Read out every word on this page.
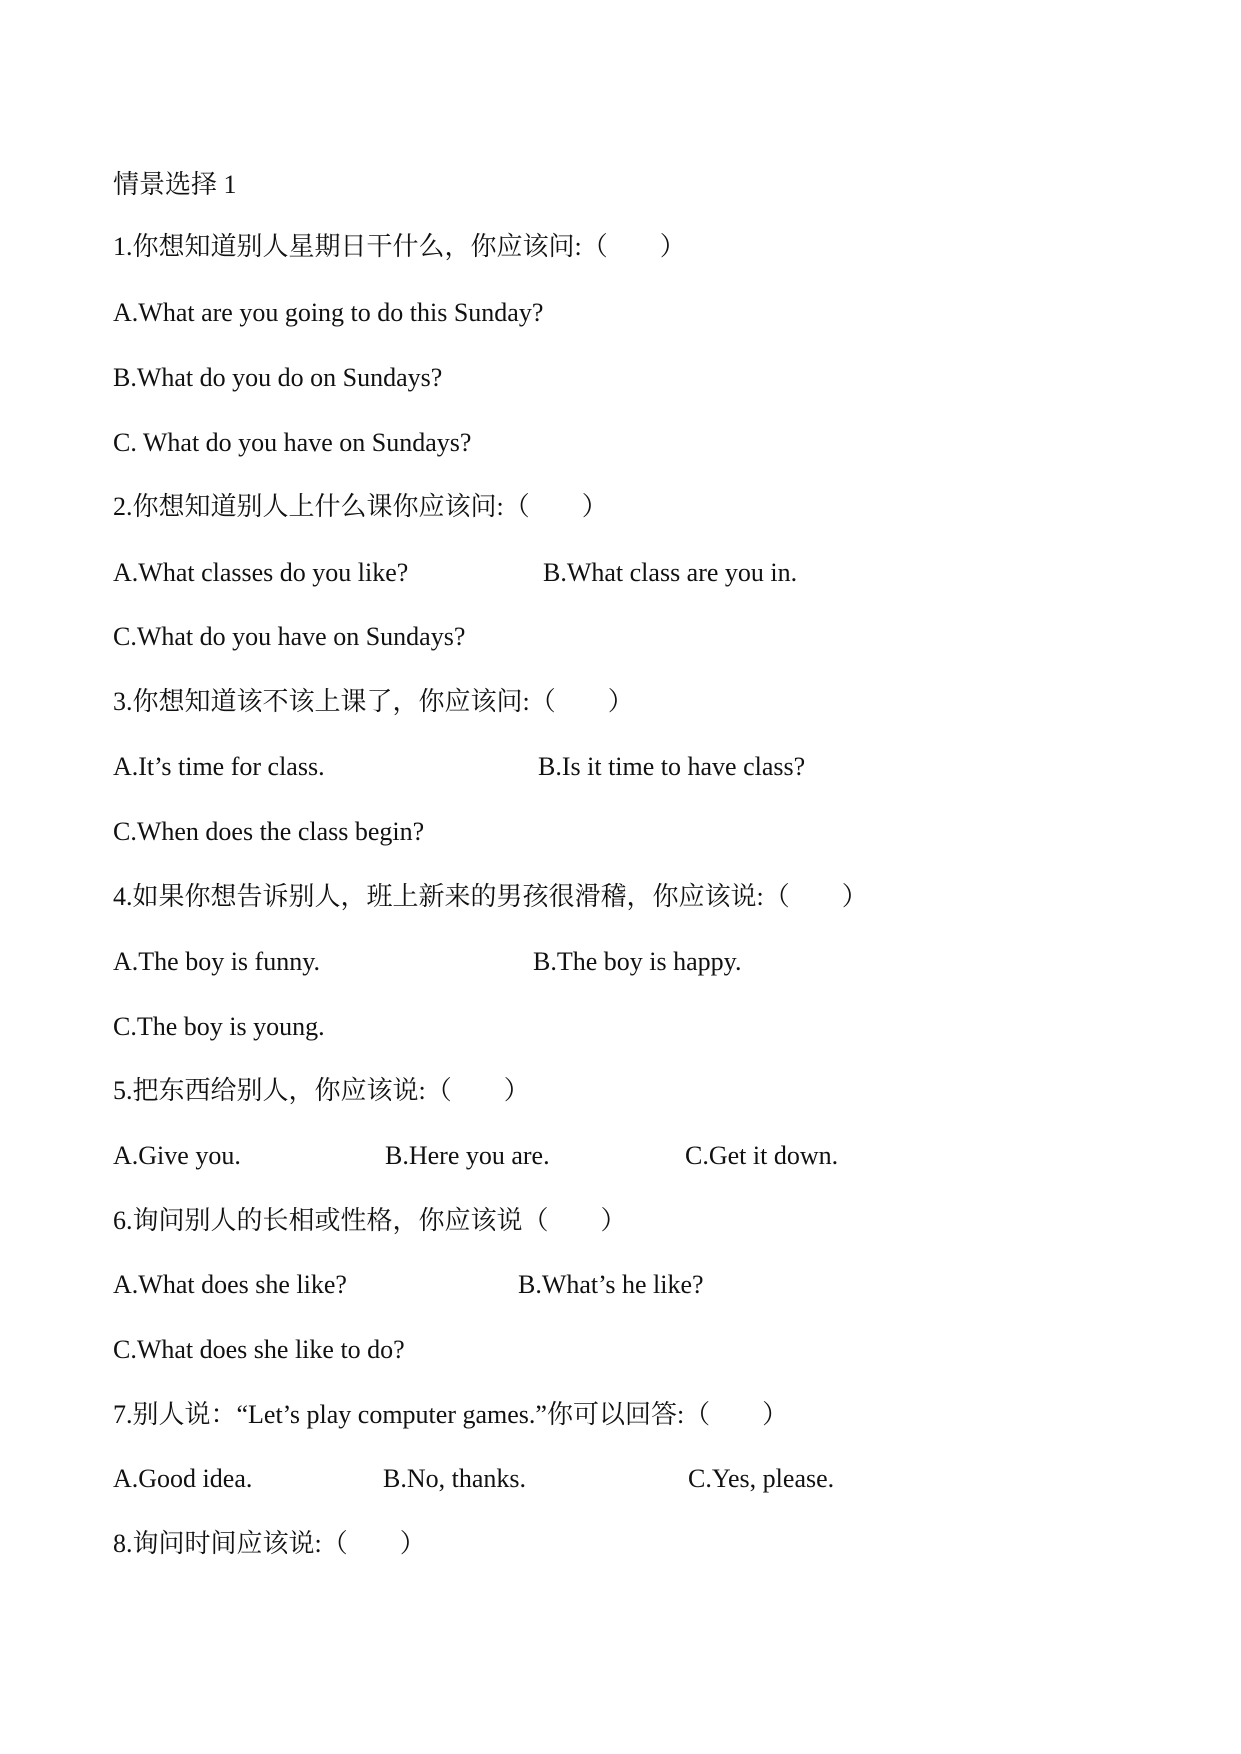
情景选择 1
1.你想知道别人星期日干什么，你应该问:（　　）
A.What are you going to do this Sunday?
B.What do you do on Sundays?
C. What do you have on Sundays?
2.你想知道别人上什么课你应该问:（　　）
A.What classes do you like?	B.What class are you in.
C.What do you have on Sundays?
3.你想知道该不该上课了，你应该问:（　　）
A.It’s time for class.	B.Is it time to have class?
C.When does the class begin?
4.如果你想告诉别人，班上新来的男孩很滑稽，你应该说:（　　）
A.The boy is funny.	B.The boy is happy.
C.The boy is young.
5.把东西给别人，你应该说:（　　）
A.Give you.	B.Here you are.	C.Get it down.
6.询问别人的长相或性格，你应该说（　　）
A.What does she like?	B.What’s he like?
C.What does she like to do?
7.别人说：“Let’s play computer games.”你可以回答:（　　）
A.Good idea.	B.No, thanks.	C.Yes, please.
8.询问时间应该说:（　　）
